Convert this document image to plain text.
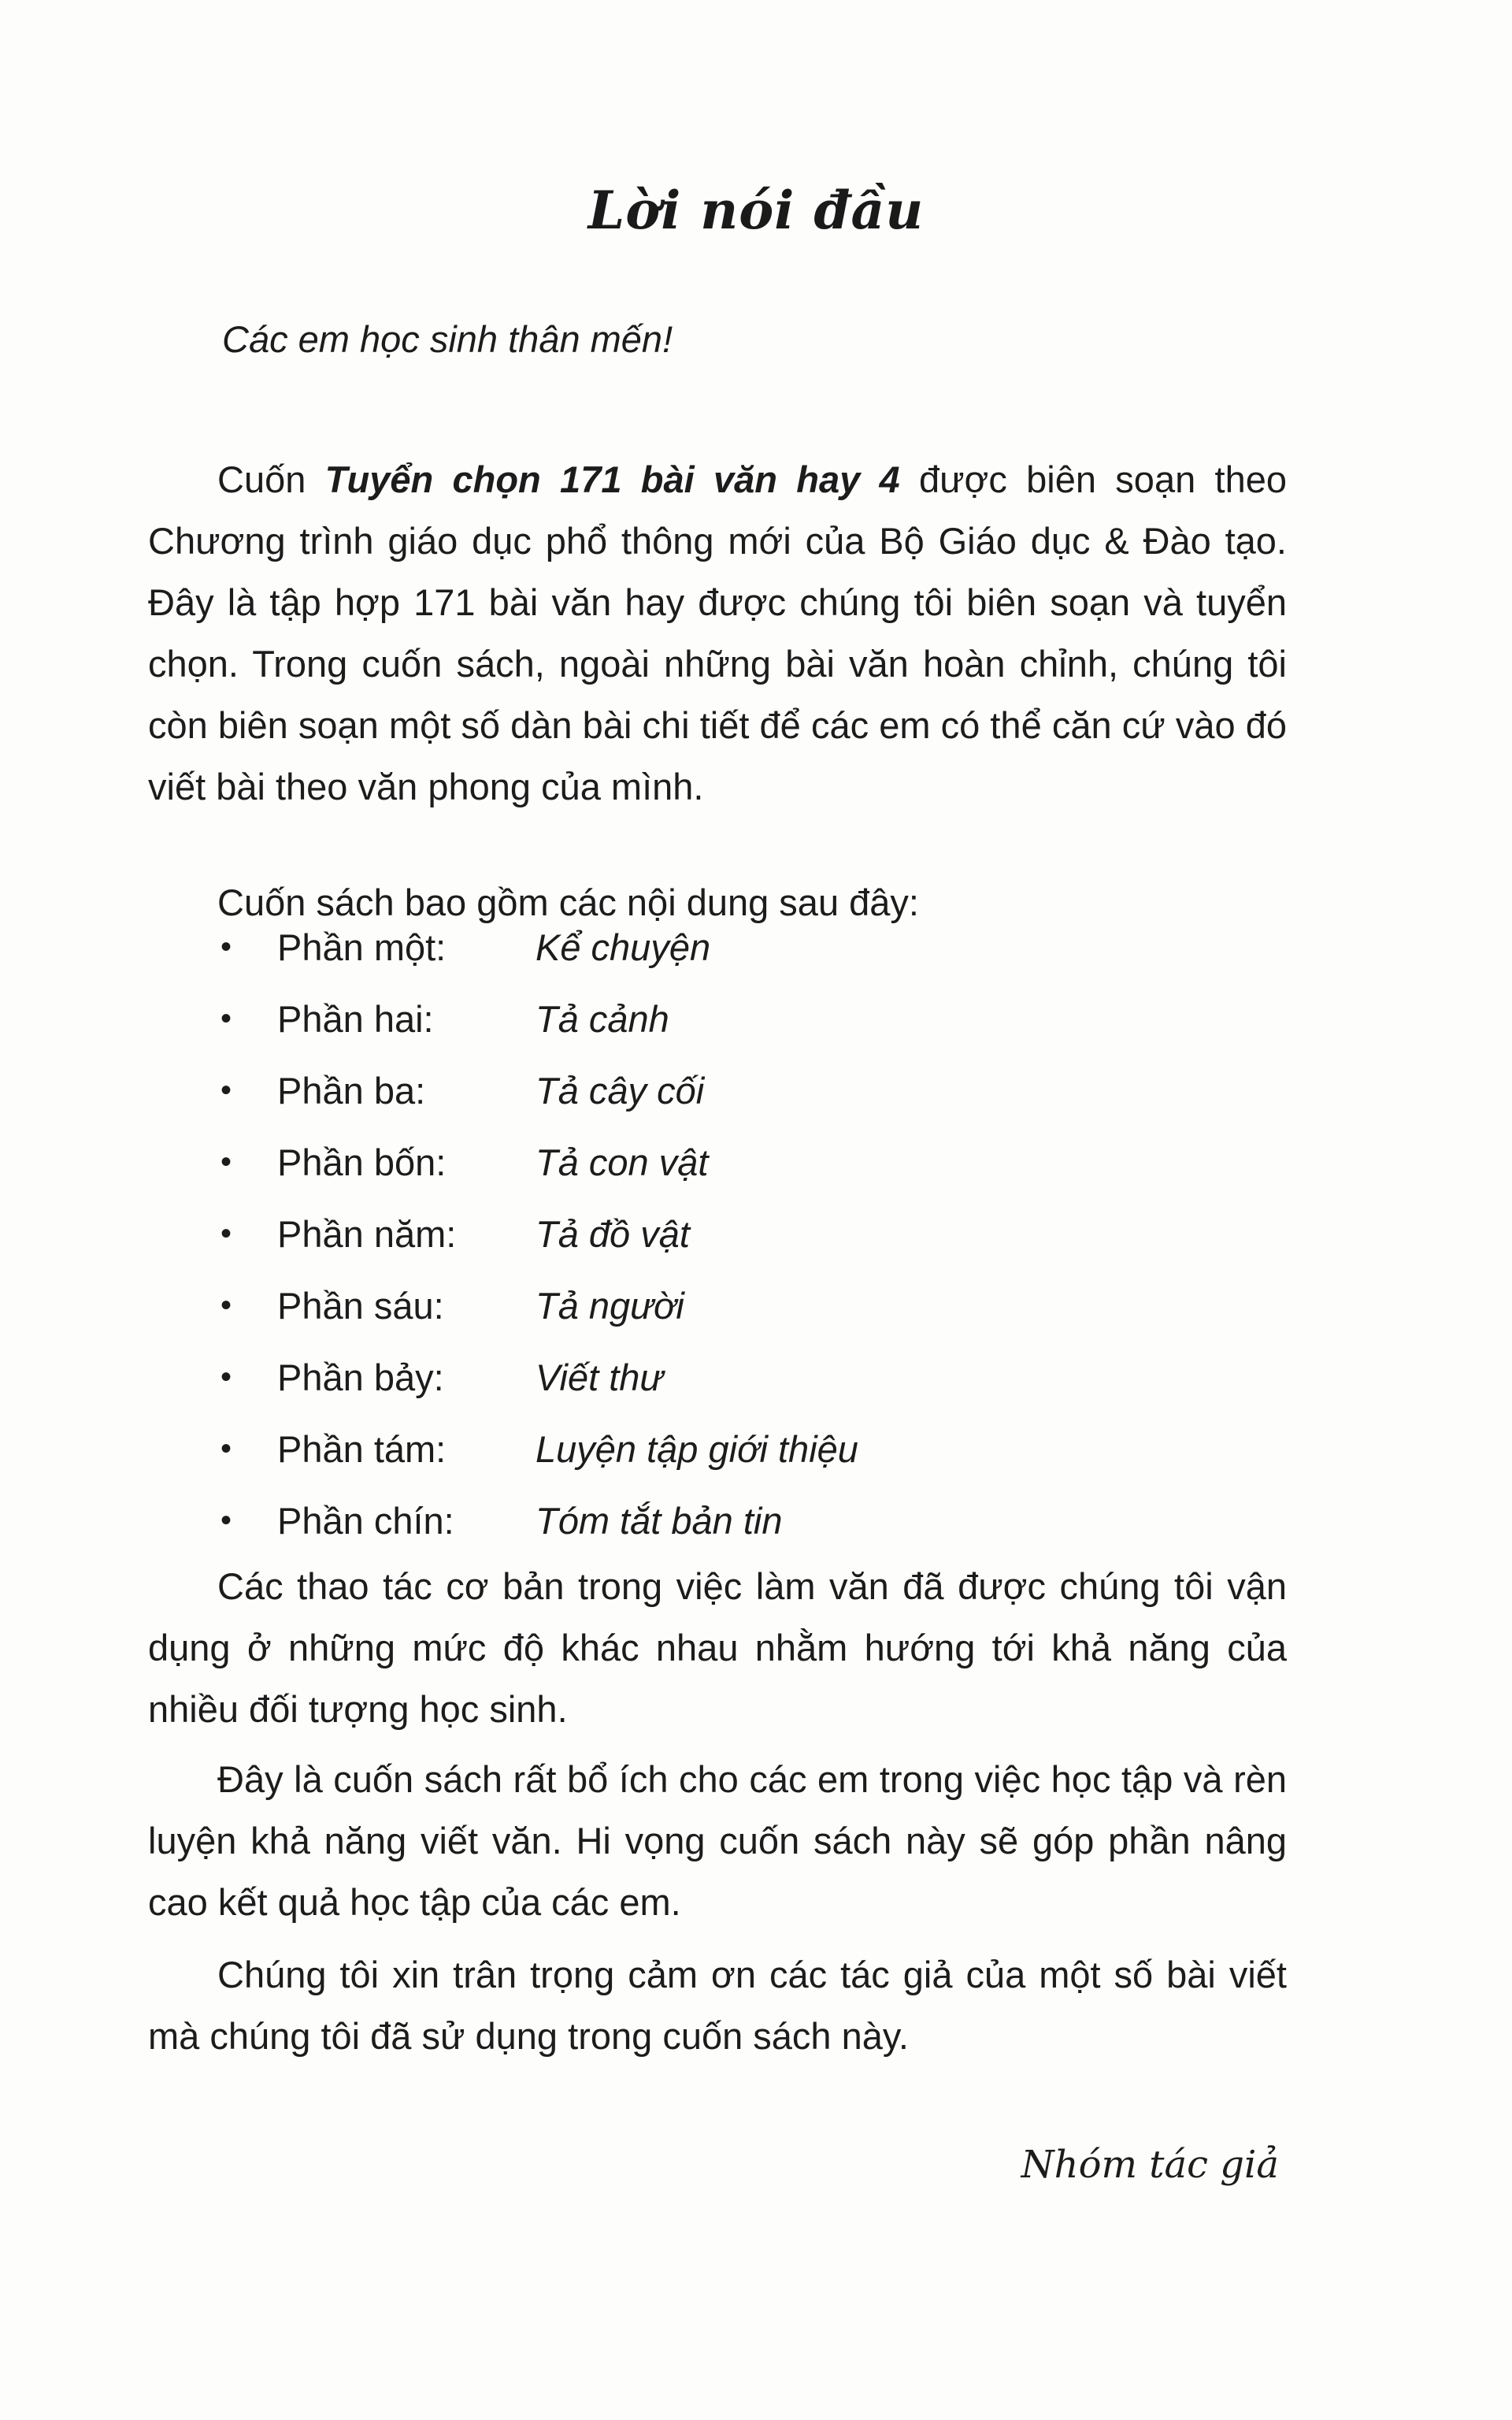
Lời nói đầu
Các em học sinh thân mến!

Cuốn Tuyển chọn 171 bài văn hay 4 được biên soạn theo Chương trình giáo dục phổ thông mới của Bộ Giáo dục & Đào tạo. Đây là tập hợp 171 bài văn hay được chúng tôi biên soạn và tuyển chọn. Trong cuốn sách, ngoài những bài văn hoàn chỉnh, chúng tôi còn biên soạn một số dàn bài chi tiết để các em có thể căn cứ vào đó viết bài theo văn phong của mình.

Cuốn sách bao gồm các nội dung sau đây:

• Phần một: Kể chuyện
• Phần hai:	Tả cảnh
• Phần ba:	Tả cây cối
• Phần bốn: Tả con vật
• Phần năm: Tả đồ vật
• Phần sáu: Tả người
• Phần bảy: Viết thư
• Phần tám: Luyện tập giới thiệu
• Phần chín: Tóm tắt bản tin

Các thao tác cơ bản trong việc làm văn đã được chúng tôi vận dụng ở những mức độ khác nhau nhằm hướng tới khả năng của nhiều đối tượng học sinh.

Đây là cuốn sách rất bổ ích cho các em trong việc học tập và rèn luyện khả năng viết văn. Hi vọng cuốn sách này sẽ góp phần nâng cao kết quả học tập của các em.

Chúng tôi xin trân trọng cảm ơn các tác giả của một số bài viết mà chúng tôi đã sử dụng trong cuốn sách này.

Nhóm tác giả
